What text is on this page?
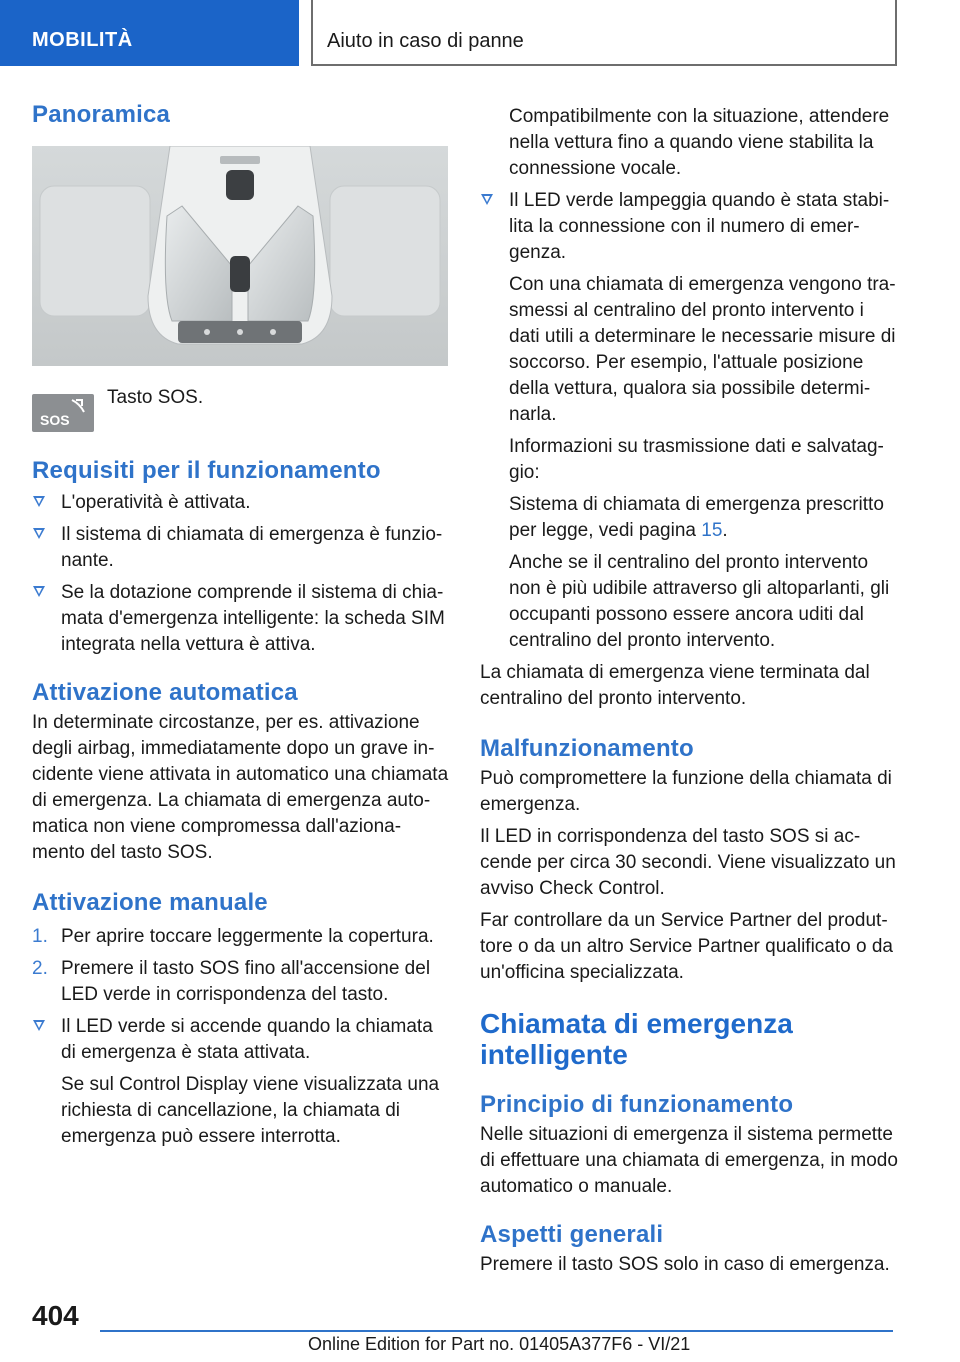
MOBILITÀ	Aiuto in caso di panne
Panoramica
SOS
Tasto SOS.
Requisiti per il funzionamento
L'operatività è attivata.
Il sistema di chiamata di emergenza è funzio-nante.
Se la dotazione comprende il sistema di chia-mata d'emergenza intelligente: la scheda SIM integrata nella vettura è attiva.
Attivazione automatica

In determinate circostanze, per es. attivazione degli airbag, immediatamente dopo un grave in-cidente viene attivata in automatico una chiamata di emergenza. La chiamata di emergenza auto-matica non viene compromessa dall'aziona-mento del tasto SOS.

Attivazione manuale
1. Per aprire toccare leggermente la copertura.
2. Premere il tasto SOS fino all'accensione del LED verde in corrispondenza del tasto.
Il LED verde si accende quando la chiamata di emergenza è stata attivata.

Se sul Control Display viene visualizzata una richiesta di cancellazione, la chiamata di emergenza può essere interrotta.

Compatibilmente con la situazione, attendere nella vettura fino a quando viene stabilita la connessione vocale.

Il LED verde lampeggia quando è stata stabi-lita la connessione con il numero di emer-genza.

Con una chiamata di emergenza vengono tra-smessi al centralino del pronto intervento i dati utili a determinare le necessarie misure di soccorso. Per esempio, l'attuale posizione della vettura, qualora sia possibile determi-narla.

Informazioni su trasmissione dati e salvatag-gio:

Sistema di chiamata di emergenza prescritto per legge, vedi pagina 15.

Anche se il centralino del pronto intervento non è più udibile attraverso gli altoparlanti, gli occupanti possono essere ancora uditi dal centralino del pronto intervento.

La chiamata di emergenza viene terminata dal centralino del pronto intervento.

Malfunzionamento

Può compromettere la funzione della chiamata di emergenza.

Il LED in corrispondenza del tasto SOS si ac-cende per circa 30 secondi. Viene visualizzato un avviso Check Control.

Far controllare da un Service Partner del produt-tore o da un altro Service Partner qualificato o da un'officina specializzata.

Chiamata di emergenza intelligente
Principio di funzionamento

Nelle situazioni di emergenza il sistema permette di effettuare una chiamata di emergenza, in modo automatico o manuale.

Aspetti generali

Premere il tasto SOS solo in caso di emergenza.

404
Online Edition for Part no. 01405A377F6 - VI/21
